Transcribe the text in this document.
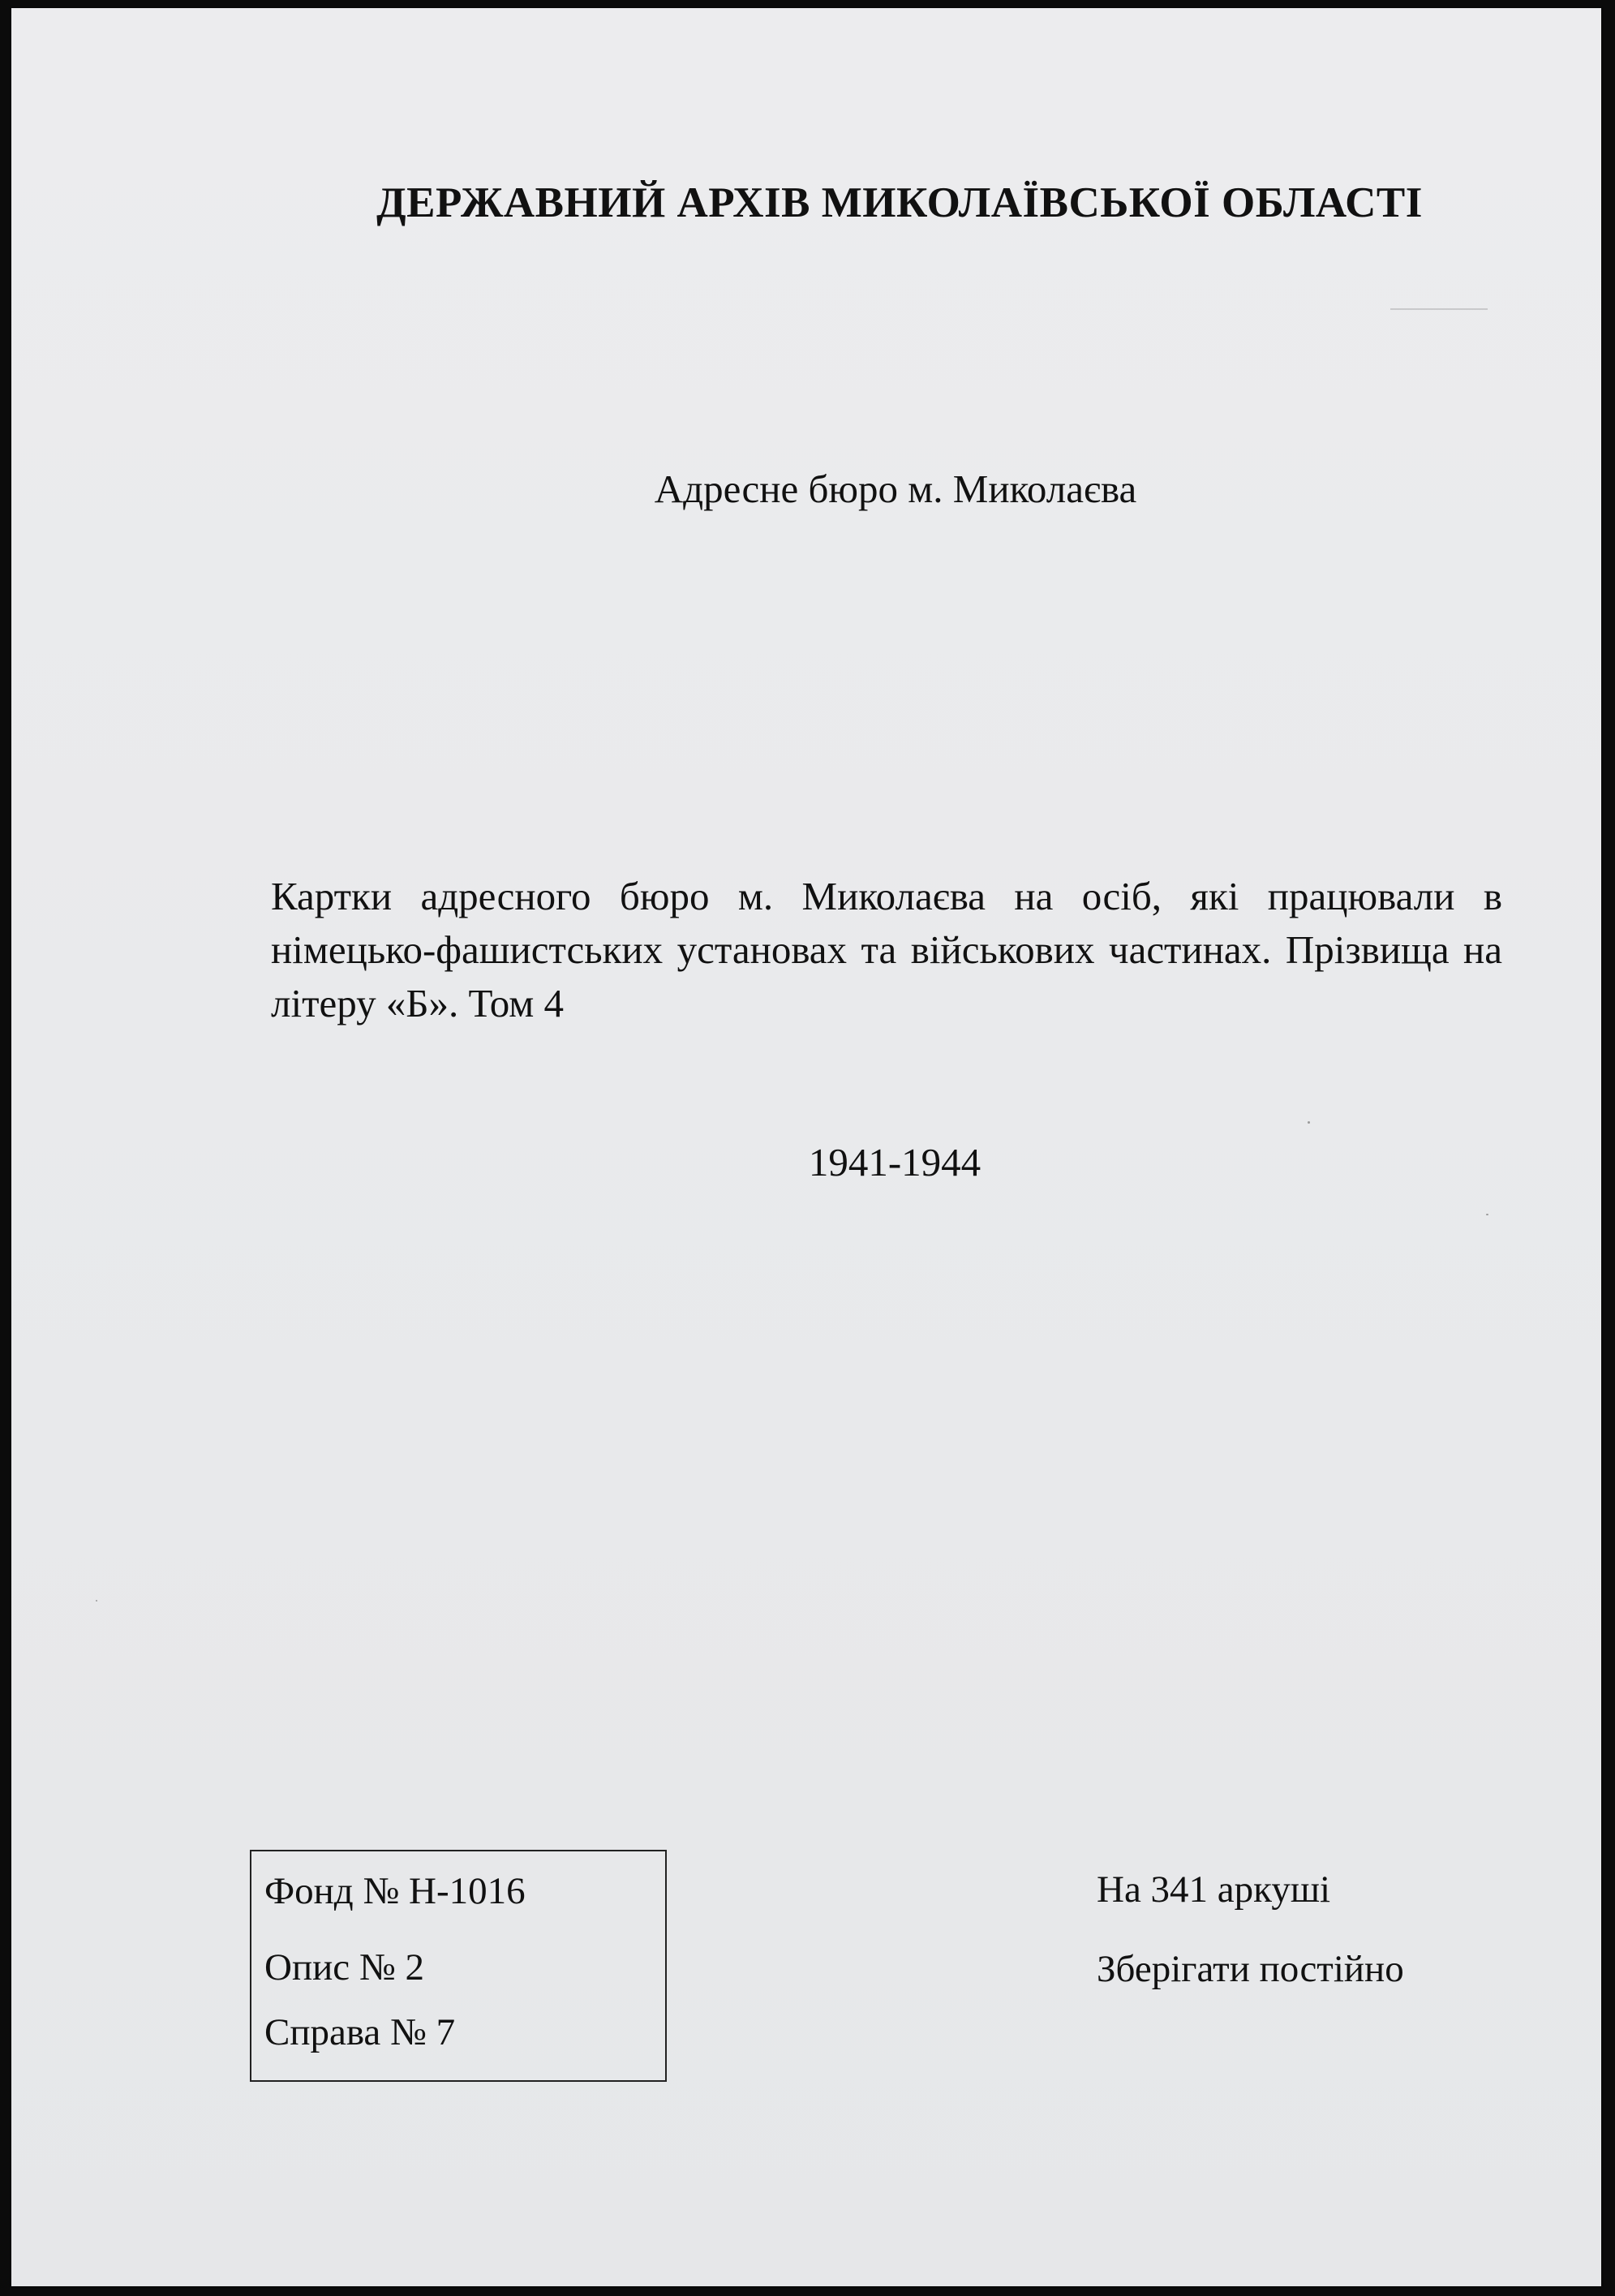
ДЕРЖАВНИЙ АРХІВ МИКОЛАЇВСЬКОЇ ОБЛАСТІ
Адресне бюро м. Миколаєва
Картки адресного бюро м. Миколаєва на осіб, які працювали в німецько-фашистських установах та військових частинах. Прізвища на літеру «Б». Том 4
1941-1944
Фонд № Н-1016
Опис № 2
Справа № 7
На 341 аркуші
Зберігати постійно
